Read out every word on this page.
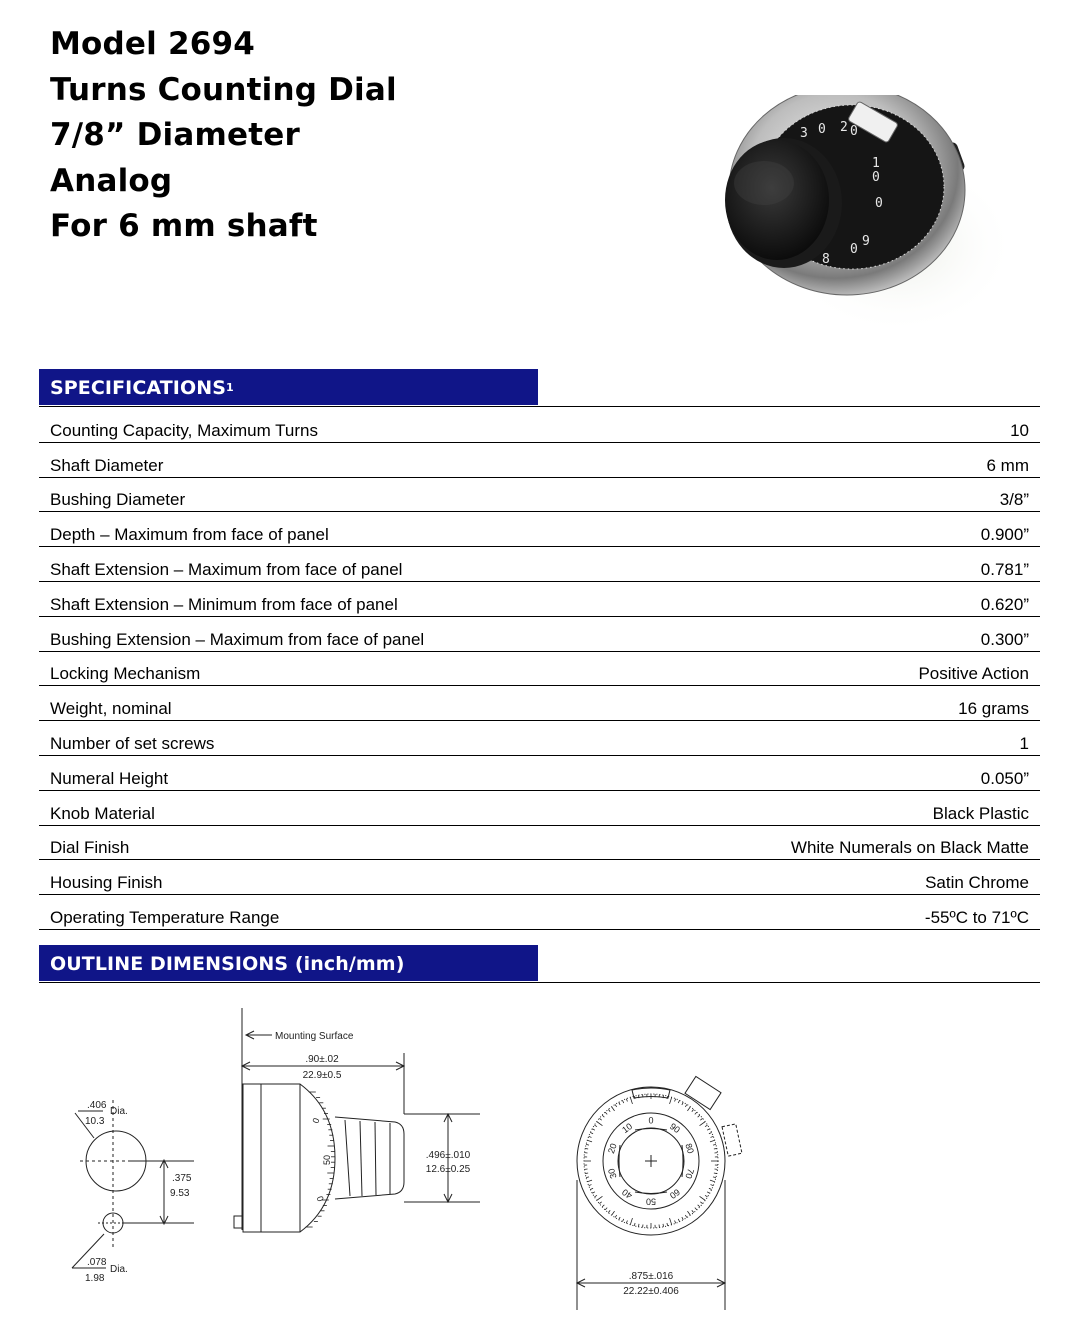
Model 2694
Turns Counting Dial
7/8” Diameter
Analog
For 6 mm shaft
3 0 2 0
1
0
0
9
0
8
SPECIFICATIONS$^1$
Counting Capacity, Maximum Turns	10
Shaft Diameter	6 mm
Bushing Diameter	3/8”
Depth – Maximum from face of panel	0.900”
Shaft Extension – Maximum from face of panel	0.781”
Shaft Extension – Minimum from face of panel	0.620”
Bushing Extension – Maximum from face of panel	0.300”
Locking Mechanism	Positive Action
Weight, nominal	16 grams
Number of set screws	1
Numeral Height	0.050”
Knob Material	Black Plastic
Dial Finish	White Numerals on Black Matte
Housing Finish	Satin Chrome
Operating Temperature Range	-55ºC to 71ºC
OUTLINE DIMENSIONS (inch/mm)
Mounting Surface
.90±.02
22.9±0.5
.406
10.3
Dia.
.375
9.53
.078
1.98
Dia.
.496±.010
12.6±0.25
.875±.016
22.22±0.406
0
50
0
0
10
20
30
40
50
60
70
80
90
